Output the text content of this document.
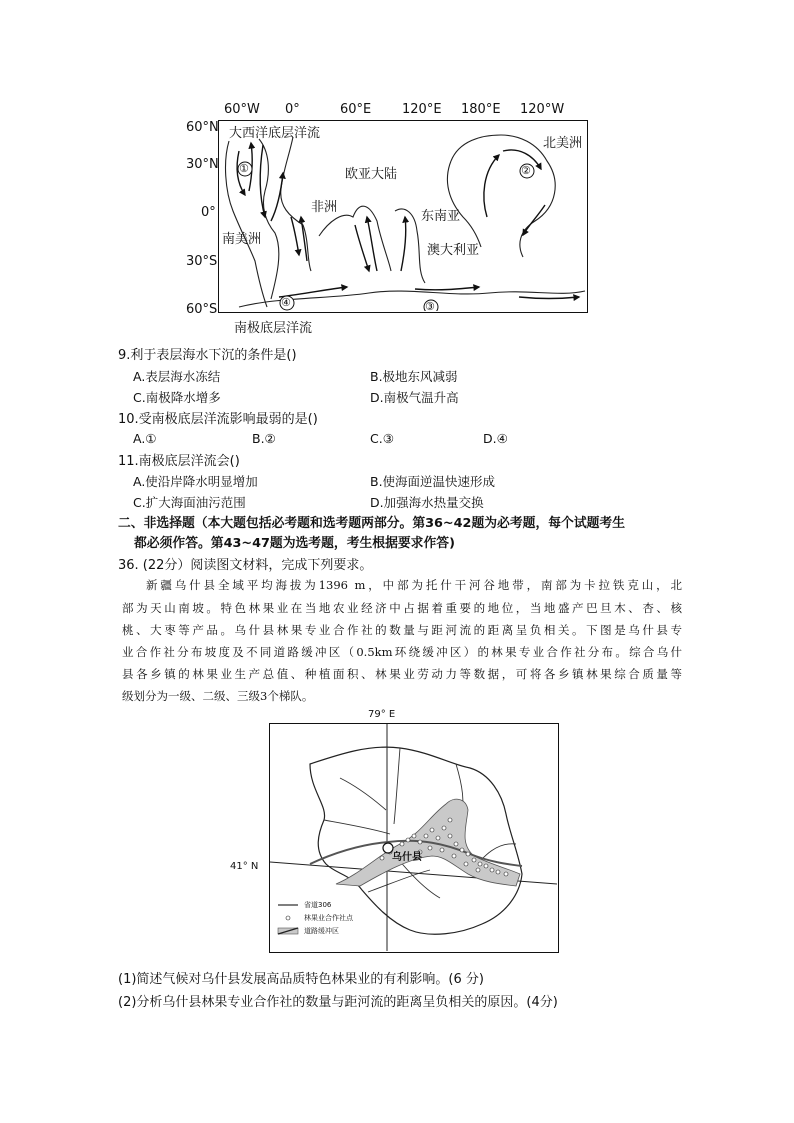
60°W 0°	60°E 120°E 180°E 120°W
60°N
30°N
0°
30°S
60°S
大西洋底层洋流
欧亚大陆
北美洲
非洲
东南亚
南美洲
澳大利亚
①	②
③
④
南极底层洋流
9.利于表层海水下沉的条件是()
A.表层海水冻结	B.极地东风减弱
C.南极降水增多	D.南极气温升高
10.受南极底层洋流影响最弱的是()
A.①	B.②	C.③	D.④
11.南极底层洋流会()
A.使沿岸降水明显增加	B.使海面逆温快速形成
C.扩大海面油污范围	D.加强海水热量交换
二、非选择题（本大题包括必考题和选考题两部分。第36~42题为必考题，每个试题考生
都必须作答。第43~47题为选考题，考生根据要求作答)
36. (22分）阅读图文材料，完成下列要求。
新疆乌什县全域平均海拔为1396 m，中部为托什干河谷地带，南部为卡拉铁克山，北
部为天山南坡。特色林果业在当地农业经济中占据着重要的地位，当地盛产巴旦木、杏、核
桃、大枣等产品。乌什县林果专业合作社的数量与距河流的距离呈负相关。下图是乌什县专
业合作社分布坡度及不同道路缓冲区（0.5km环绕缓冲区）的林果专业合作社分布。综合乌什
县各乡镇的林果业生产总值、种植面积、林果业劳动力等数据，可将各乡镇林果综合质量等
级划分为一级、二级、三级3个梯队。
79° E
41° N
乌什县
省道306
林果业合作社点
道路缓冲区
(1)简述气候对乌什县发展高品质特色林果业的有利影响。(6 分)
(2)分析乌什县林果专业合作社的数量与距河流的距离呈负相关的原因。(4分)
